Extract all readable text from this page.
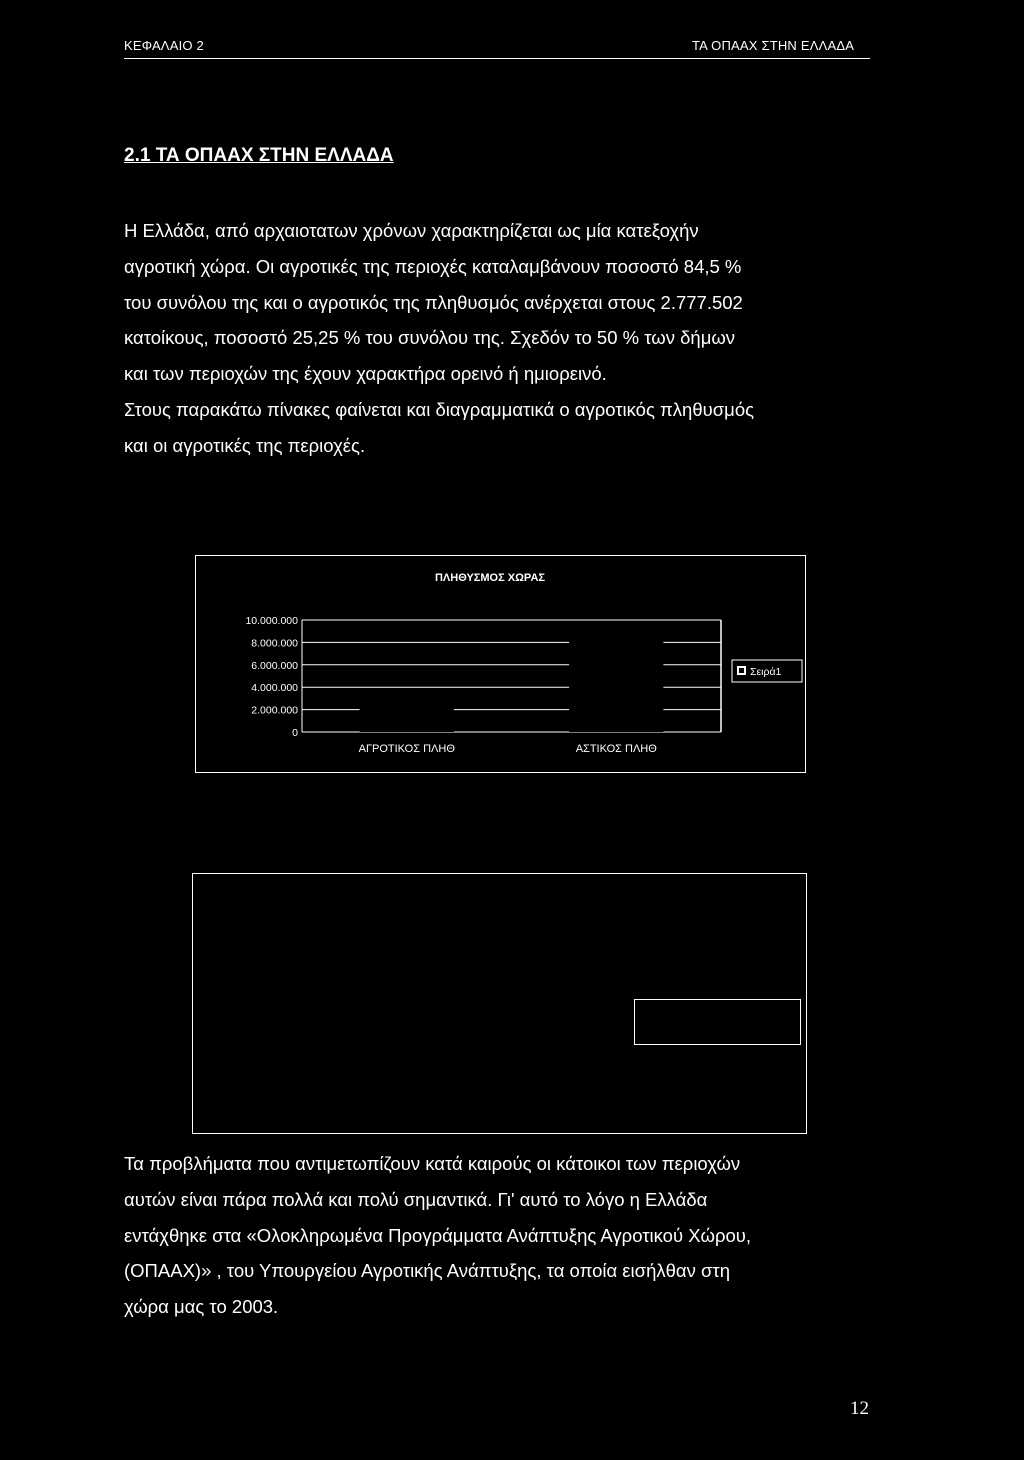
ΚΕΦΑΛΑΙΟ 2	ΤΑ ΟΠΑΑΧ ΣΤΗΝ ΕΛΛΑΔΑ
2.1 ΤΑ ΟΠΑΑΧ ΣΤΗΝ ΕΛΛΑΔΑ
Η Ελλάδα, από αρχαιοτατων χρόνων χαρακτηρίζεται ως μία κατεξοχήν
αγροτική χώρα. Οι αγροτικές της περιοχές καταλαμβάνουν ποσοστό 84,5 %
του συνόλου της και ο αγροτικός της πληθυσμός ανέρχεται στους 2.777.502
κατοίκους, ποσοστό 25,25 % του συνόλου της. Σχεδόν το 50 % των δήμων
και των περιοχών της έχουν χαρακτήρα ορεινό ή ημιορεινό.
Στους παρακάτω πίνακες φαίνεται και διαγραμματικά ο αγροτικός πληθυσμός
και οι αγροτικές της περιοχές.
ΠΛΗΘΥΣΜΟΣ ΧΩΡΑΣ
10.000.000
8.000.000
6.000.000
4.000.000
2.000.000
0
ΑΓΡΟΤΙΚΟΣ ΠΛΗΘ	ΑΣΤΙΚΟΣ ΠΛΗΘ
Σειρά1
Τα προβλήματα που αντιμετωπίζουν κατά καιρούς οι κάτοικοι των περιοχών
αυτών είναι πάρα πολλά και πολύ σημαντικά. Γι' αυτό το λόγο η Ελλάδα
εντάχθηκε στα «Ολοκληρωμένα Προγράμματα Ανάπτυξης Αγροτικού Χώρου,
(ΟΠΑΑΧ)» , του Υπουργείου Αγροτικής Ανάπτυξης, τα οποία εισήλθαν στη
χώρα μας το 2003.
12
